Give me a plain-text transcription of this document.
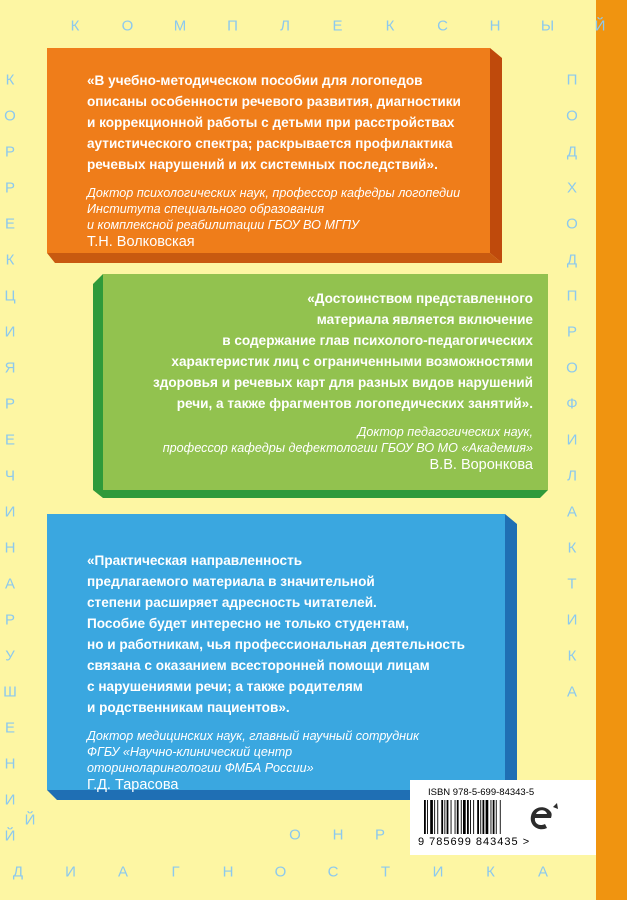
К	О	М	П	Л	Е	К	С	Н	Ы	Й
Д	И	А	Г	Н	О	С	Т	И	К	А
К
О
Р
Р
Е
К
Ц
И
Я
Р
Е
Ч
И
Н
А
Р
У
Ш
Е
Н
И
Й
П
О
Д
Х
О
Д
П
Р
О
Ф
И
Л
А
К
Т
И
К
А
О Н Р
Й

«В учебно-методическом пособии для логопедов
описаны особенности речевого развития, диагностики
и коррекционной работы с детьми при расстройствах
аутистического спектра; раскрывается профилактика
речевых нарушений и их системных последствий».

Доктор психологических наук, профессор кафедры логопедии
Института специального образования
и комплексной реабилитации ГБОУ ВО МГПУ

Т.Н. Волковская

«Достоинством представленного
материала является включение
в содержание глав психолого-педагогических
характеристик лиц с ограниченными возможностями
здоровья и речевых карт для разных видов нарушений
речи, а также фрагментов логопедических занятий».

Доктор педагогических наук,
профессор кафедры дефектологии ГБОУ ВО МО «Академия»

В.В. Воронкова

«Практическая направленность
предлагаемого материала в значительной
степени расширяет адресность читателей.
Пособие будет интересно не только студентам,
но и работникам, чья профессиональная деятельность
связана с оказанием всесторонней помощи лицам
с нарушениями речи; а также родителям
и родственникам пациентов».

Доктор медицинских наук, главный научный сотрудник
ФГБУ «Научно-клинический центр
оториноларингологии ФМБА России»

Г.Д. Тарасова	ISBN 978-5-699-84343-5
9 785699 843435 >
